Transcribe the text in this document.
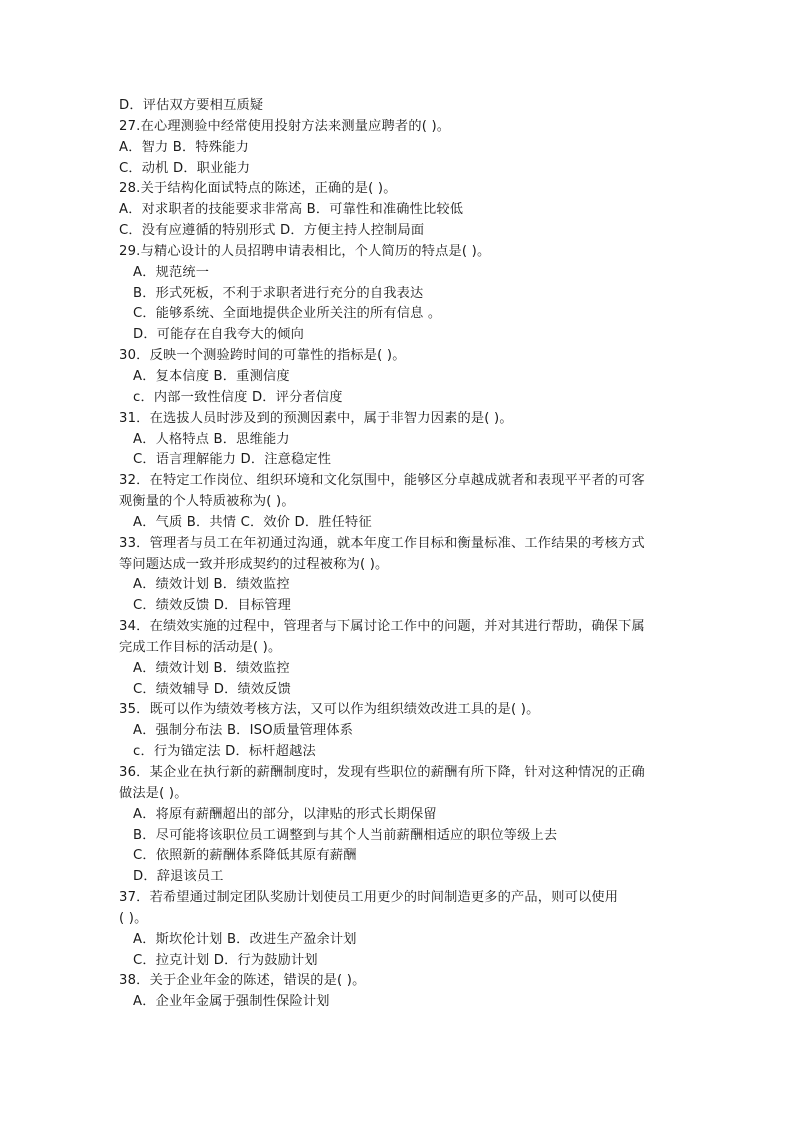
D．评估双方要相互质疑
27.在心理测验中经常使用投射方法来测量应聘者的( )。
A．智力 B．特殊能力
C．动机 D．职业能力
28.关于结构化面试特点的陈述，正确的是( )。
A．对求职者的技能要求非常高 B．可靠性和准确性比较低
C．没有应遵循的特别形式 D．方便主持人控制局面
29.与精心设计的人员招聘申请表相比，个人简历的特点是( )。
A．规范统一
B．形式死板，不利于求职者进行充分的自我表达
C．能够系统、全面地提供企业所关注的所有信息 。
D．可能存在自我夸大的倾向
30．反映一个测验跨时间的可靠性的指标是( )。
A．复本信度 B．重测信度
c．内部一致性信度 D．评分者信度
31．在选拔人员时涉及到的预测因素中，属于非智力因素的是( )。
A．人格特点 B．思维能力
C．语言理解能力 D．注意稳定性
32．在特定工作岗位、组织环境和文化氛围中，能够区分卓越成就者和表现平平者的可客
观衡量的个人特质被称为( )。
A．气质 B．共情 C．效价 D．胜任特征
33．管理者与员工在年初通过沟通，就本年度工作目标和衡量标准、工作结果的考核方式
等问题达成一致并形成契约的过程被称为( )。
A．绩效计划 B．绩效监控
C．绩效反馈 D．目标管理
34．在绩效实施的过程中，管理者与下属讨论工作中的问题，并对其进行帮助，确保下属
完成工作目标的活动是( )。
A．绩效计划 B．绩效监控
C．绩效辅导 D．绩效反馈
35．既可以作为绩效考核方法，又可以作为组织绩效改进工具的是( )。
A．强制分布法 B．ISO质量管理体系
c．行为锚定法 D．标杆超越法
36．某企业在执行新的薪酬制度时，发现有些职位的薪酬有所下降，针对这种情况的正确
做法是( )。
A．将原有薪酬超出的部分，以津贴的形式长期保留
B．尽可能将该职位员工调整到与其个人当前薪酬相适应的职位等级上去
C．依照新的薪酬体系降低其原有薪酬
D．辞退该员工
37．若希望通过制定团队奖励计划使员工用更少的时间制造更多的产品，则可以使用
( )。
A．斯坎伦计划 B．改进生产盈余计划
C．拉克计划 D．行为鼓励计划
38．关于企业年金的陈述，错误的是( )。
A．企业年金属于强制性保险计划
